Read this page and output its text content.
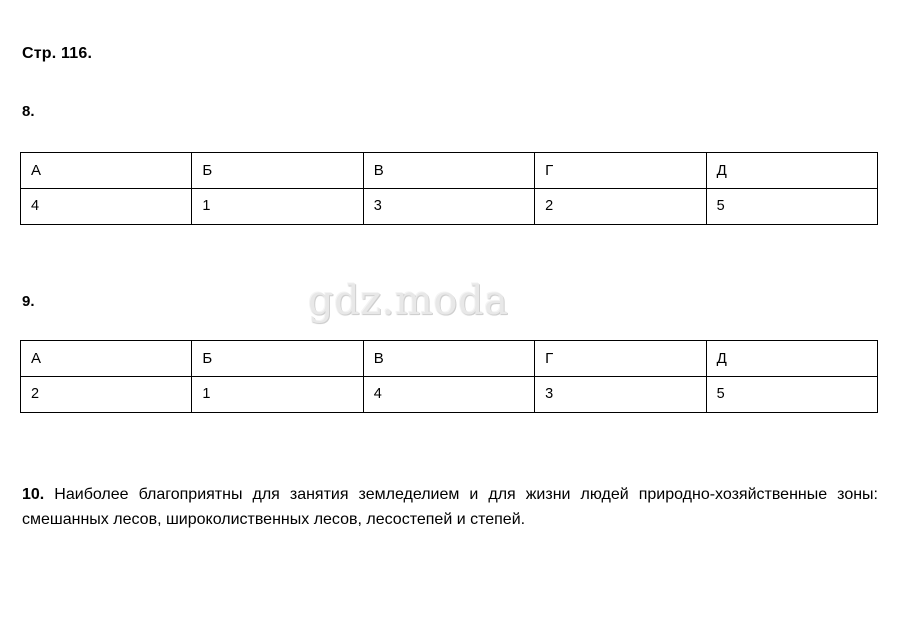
Стр. 116.
8.
А	Б	В	Г	Д
4	1	3	2	5
9.	gdz.moda
А	Б	В	Г	Д
2	1	4	3	5
10. Наиболее благоприятны для занятия земледелием и для жизни людей природно-хозяйственные зоны: смешанных лесов, широколиственных лесов, лесостепей и степей.
